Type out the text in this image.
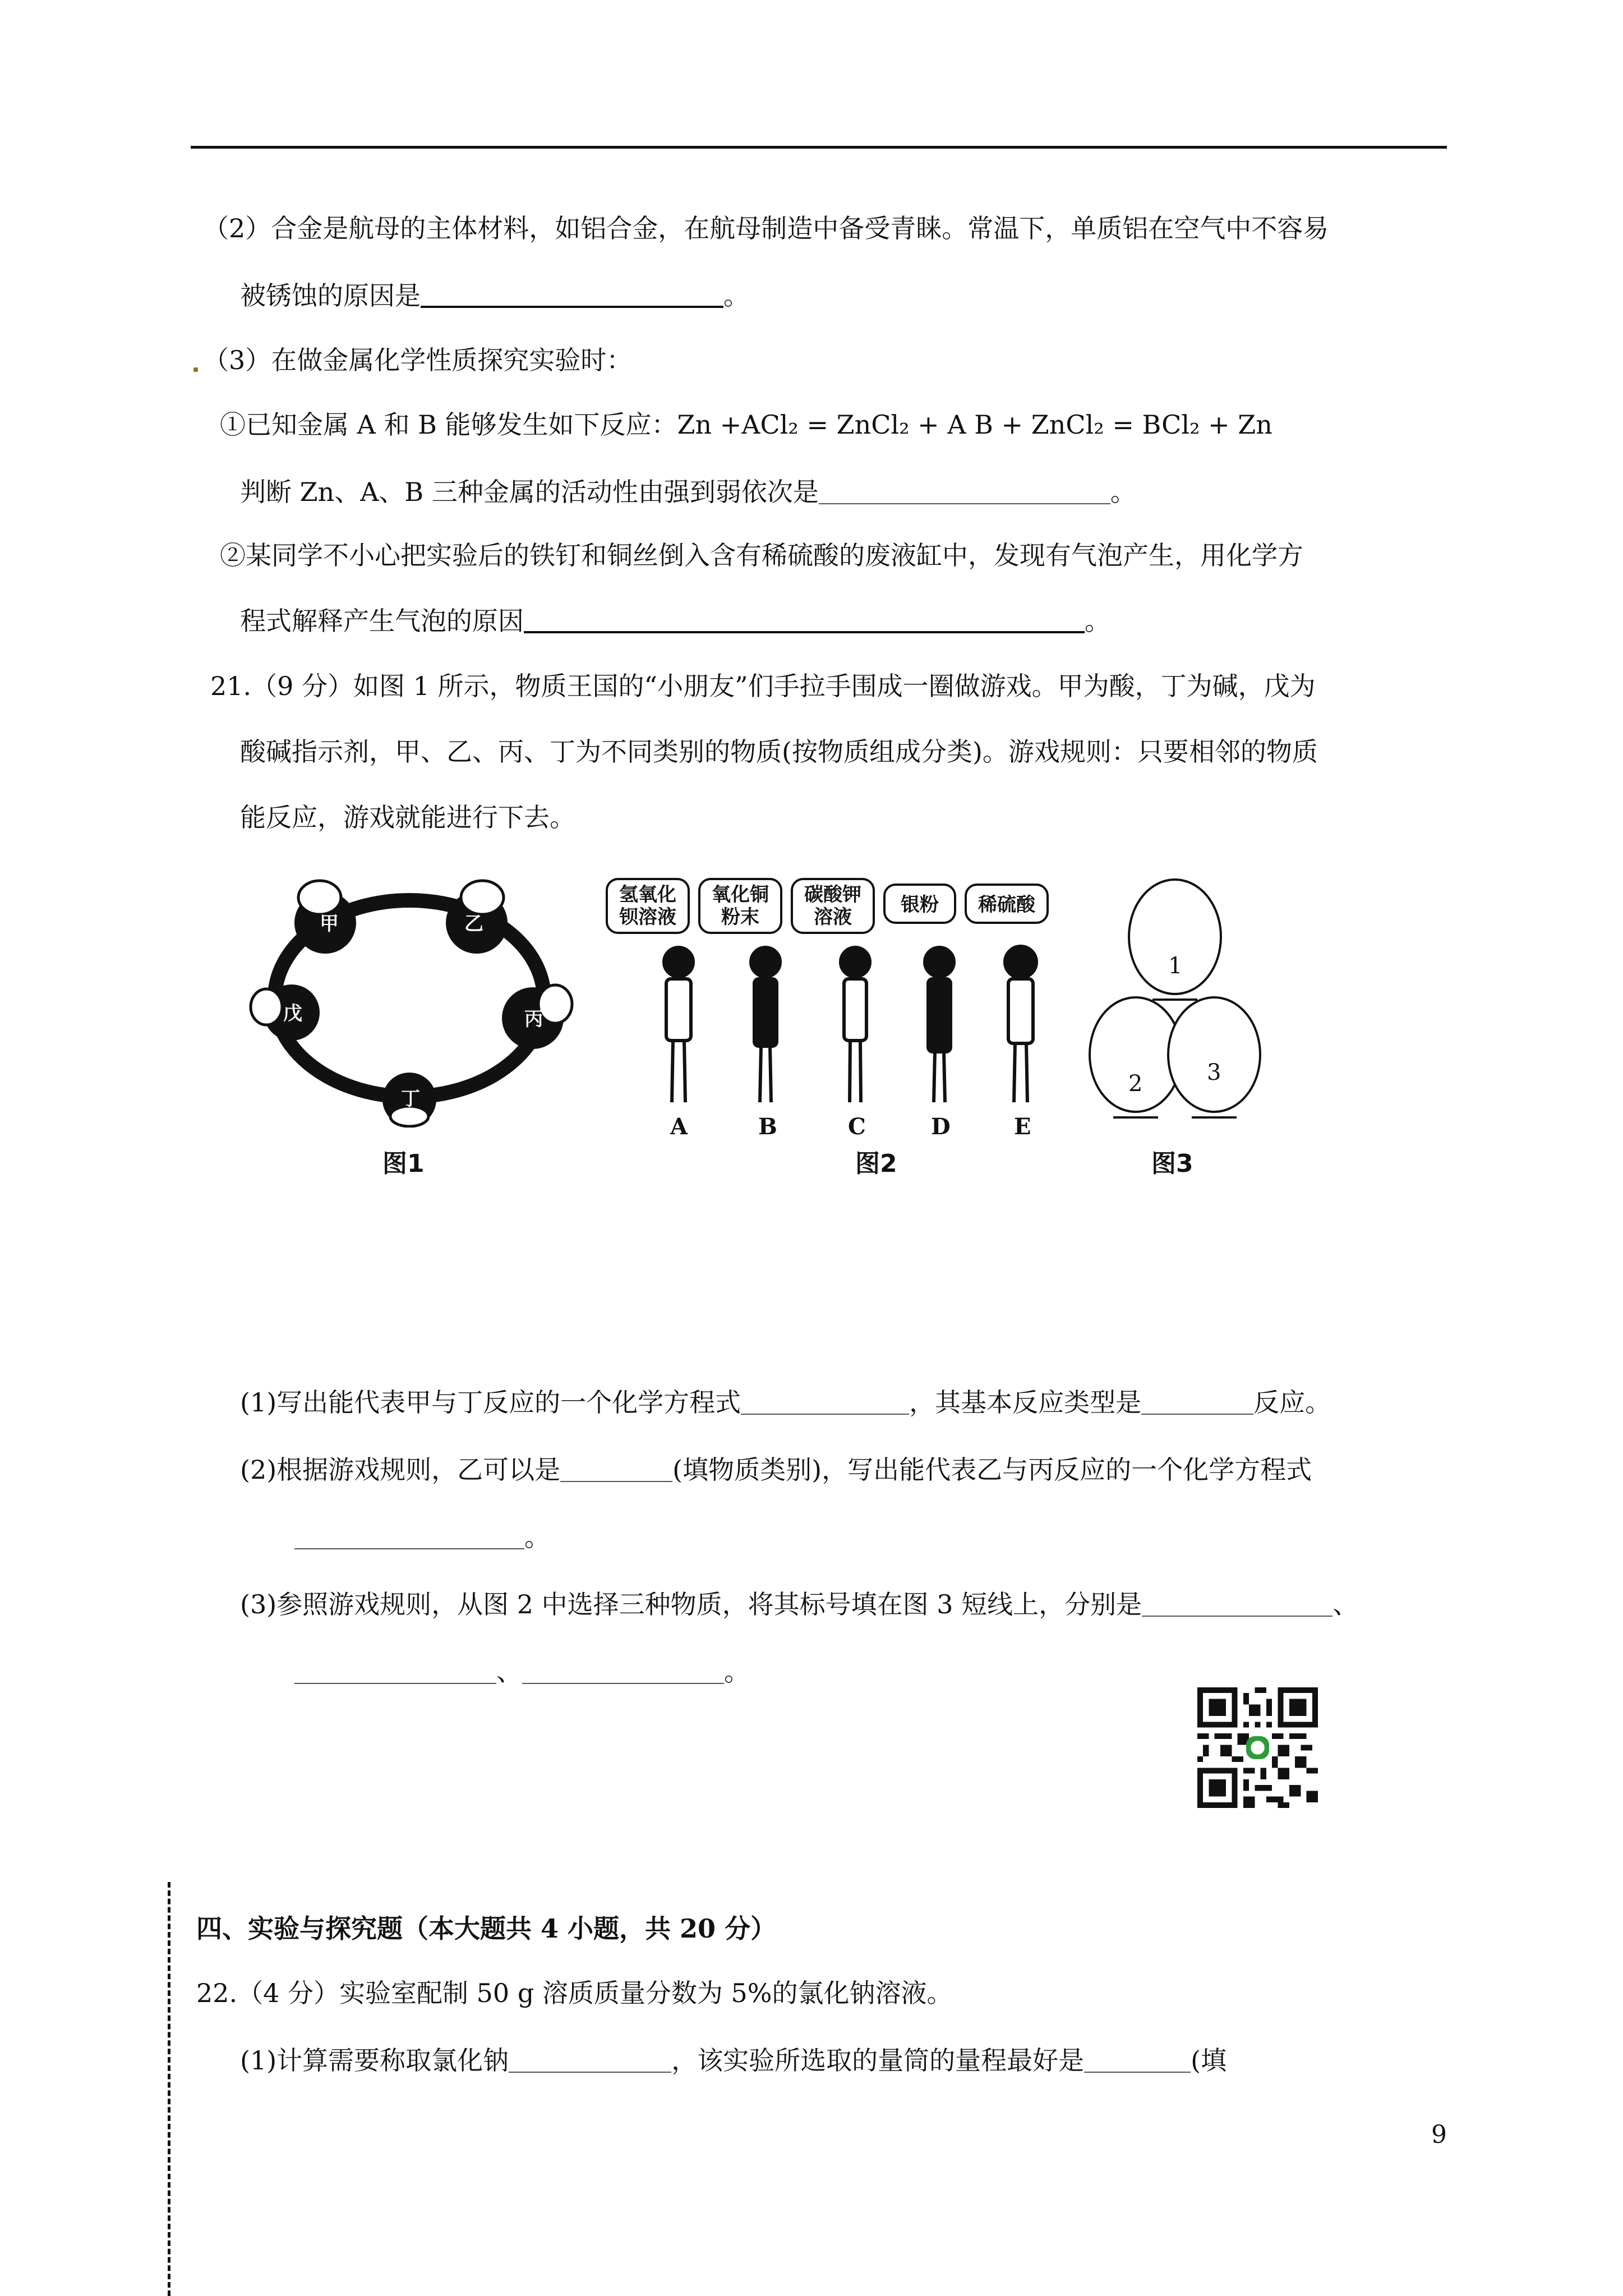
（2）合金是航母的主体材料，如铝合金，在航母制造中备受青睐。常温下，单质铝在空气中不容易
被锈蚀的原因是	。
（3）在做金属化学性质探究实验时：
①已知金属 A 和 B 能够发生如下反应：Zn +ACl₂ = ZnCl₂ + A B + ZnCl₂ = BCl₂ + Zn
判断 Zn、A、B 三种金属的活动性由强到弱依次是	。
②某同学不小心把实验后的铁钉和铜丝倒入含有稀硫酸的废液缸中，发现有气泡产生，用化学方
程式解释产生气泡的原因	。
21.（9 分）如图 1 所示，物质王国的“小朋友”们手拉手围成一圈做游戏。甲为酸，丁为碱，戊为
酸碱指示剂，甲、乙、丙、丁为不同类别的物质(按物质组成分类)。游戏规则：只要相邻的物质
能反应，游戏就能进行下去。
甲	乙
丙
丁
戊
氢氧化钡溶液
氧化铜粉末
碳酸钾溶液
银粉	稀硫酸
A	B	C	D	E
1
2	3
图1	图2	图3
(1)写出能代表甲与丁反应的一个化学方程式	，其基本反应类型是	反应。
(2)根据游戏规则，乙可以是	(填物质类别)，写出能代表乙与丙反应的一个化学方程式
。
(3)参照游戏规则，从图 2 中选择三种物质，将其标号填在图 3 短线上，分别是	、
、	。
四、实验与探究题（本大题共 4 小题，共 20 分）
22.（4 分）实验室配制 50 g 溶质质量分数为 5%的氯化钠溶液。
(1)计算需要称取氯化钠	，该实验所选取的量筒的量程最好是	(填
9
